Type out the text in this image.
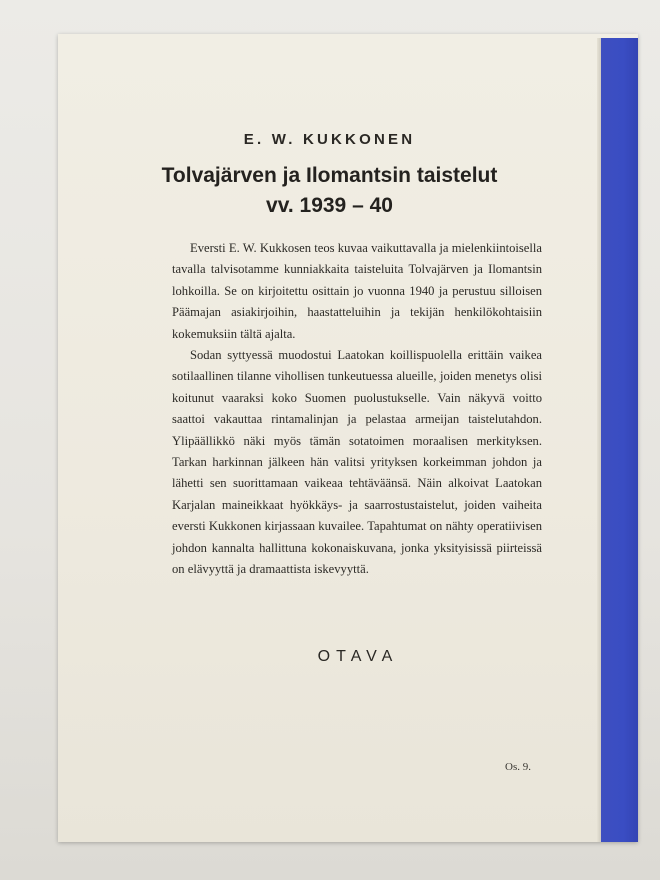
E. W. KUKKONEN
Tolvajärven ja Ilomantsin taistelut
vv. 1939 – 40

Eversti E. W. Kukkosen teos kuvaa vaikuttavalla ja mielenkiintoisella tavalla talvisotamme kunniakkaita taisteluita Tolvajärven ja Ilomantsin lohkoilla. Se on kirjoitettu osittain jo vuonna 1940 ja perustuu silloisen Päämajan asiakirjoihin, haastatteluihin ja tekijän henkilökohtaisiin kokemuksiin tältä ajalta.

Sodan syttyessä muodostui Laatokan koillispuolella erittäin vaikea sotilaallinen tilanne vihollisen tunkeutuessa alueille, joiden menetys olisi koitunut vaaraksi koko Suomen puolustukselle. Vain näkyvä voitto saattoi vakauttaa rintamalinjan ja pelastaa armeijan taistelutahdon. Ylipäällikkö näki myös tämän sotatoimen moraalisen merkityksen. Tarkan harkinnan jälkeen hän valitsi yrityksen korkeimman johdon ja lähetti sen suorittamaan vaikeaa tehtäväänsä. Näin alkoivat Laatokan Karjalan maineikkaat hyökkäys- ja saarrostustaistelut, joiden vaiheita eversti Kukkonen kirjassaan kuvailee. Tapahtumat on nähty operatiivisen johdon kannalta hallittuna kokonaiskuvana, jonka yksityisissä piirteissä on elävyyttä ja dramaattista iskevyyttä.

OTAVA
Os. 9.
